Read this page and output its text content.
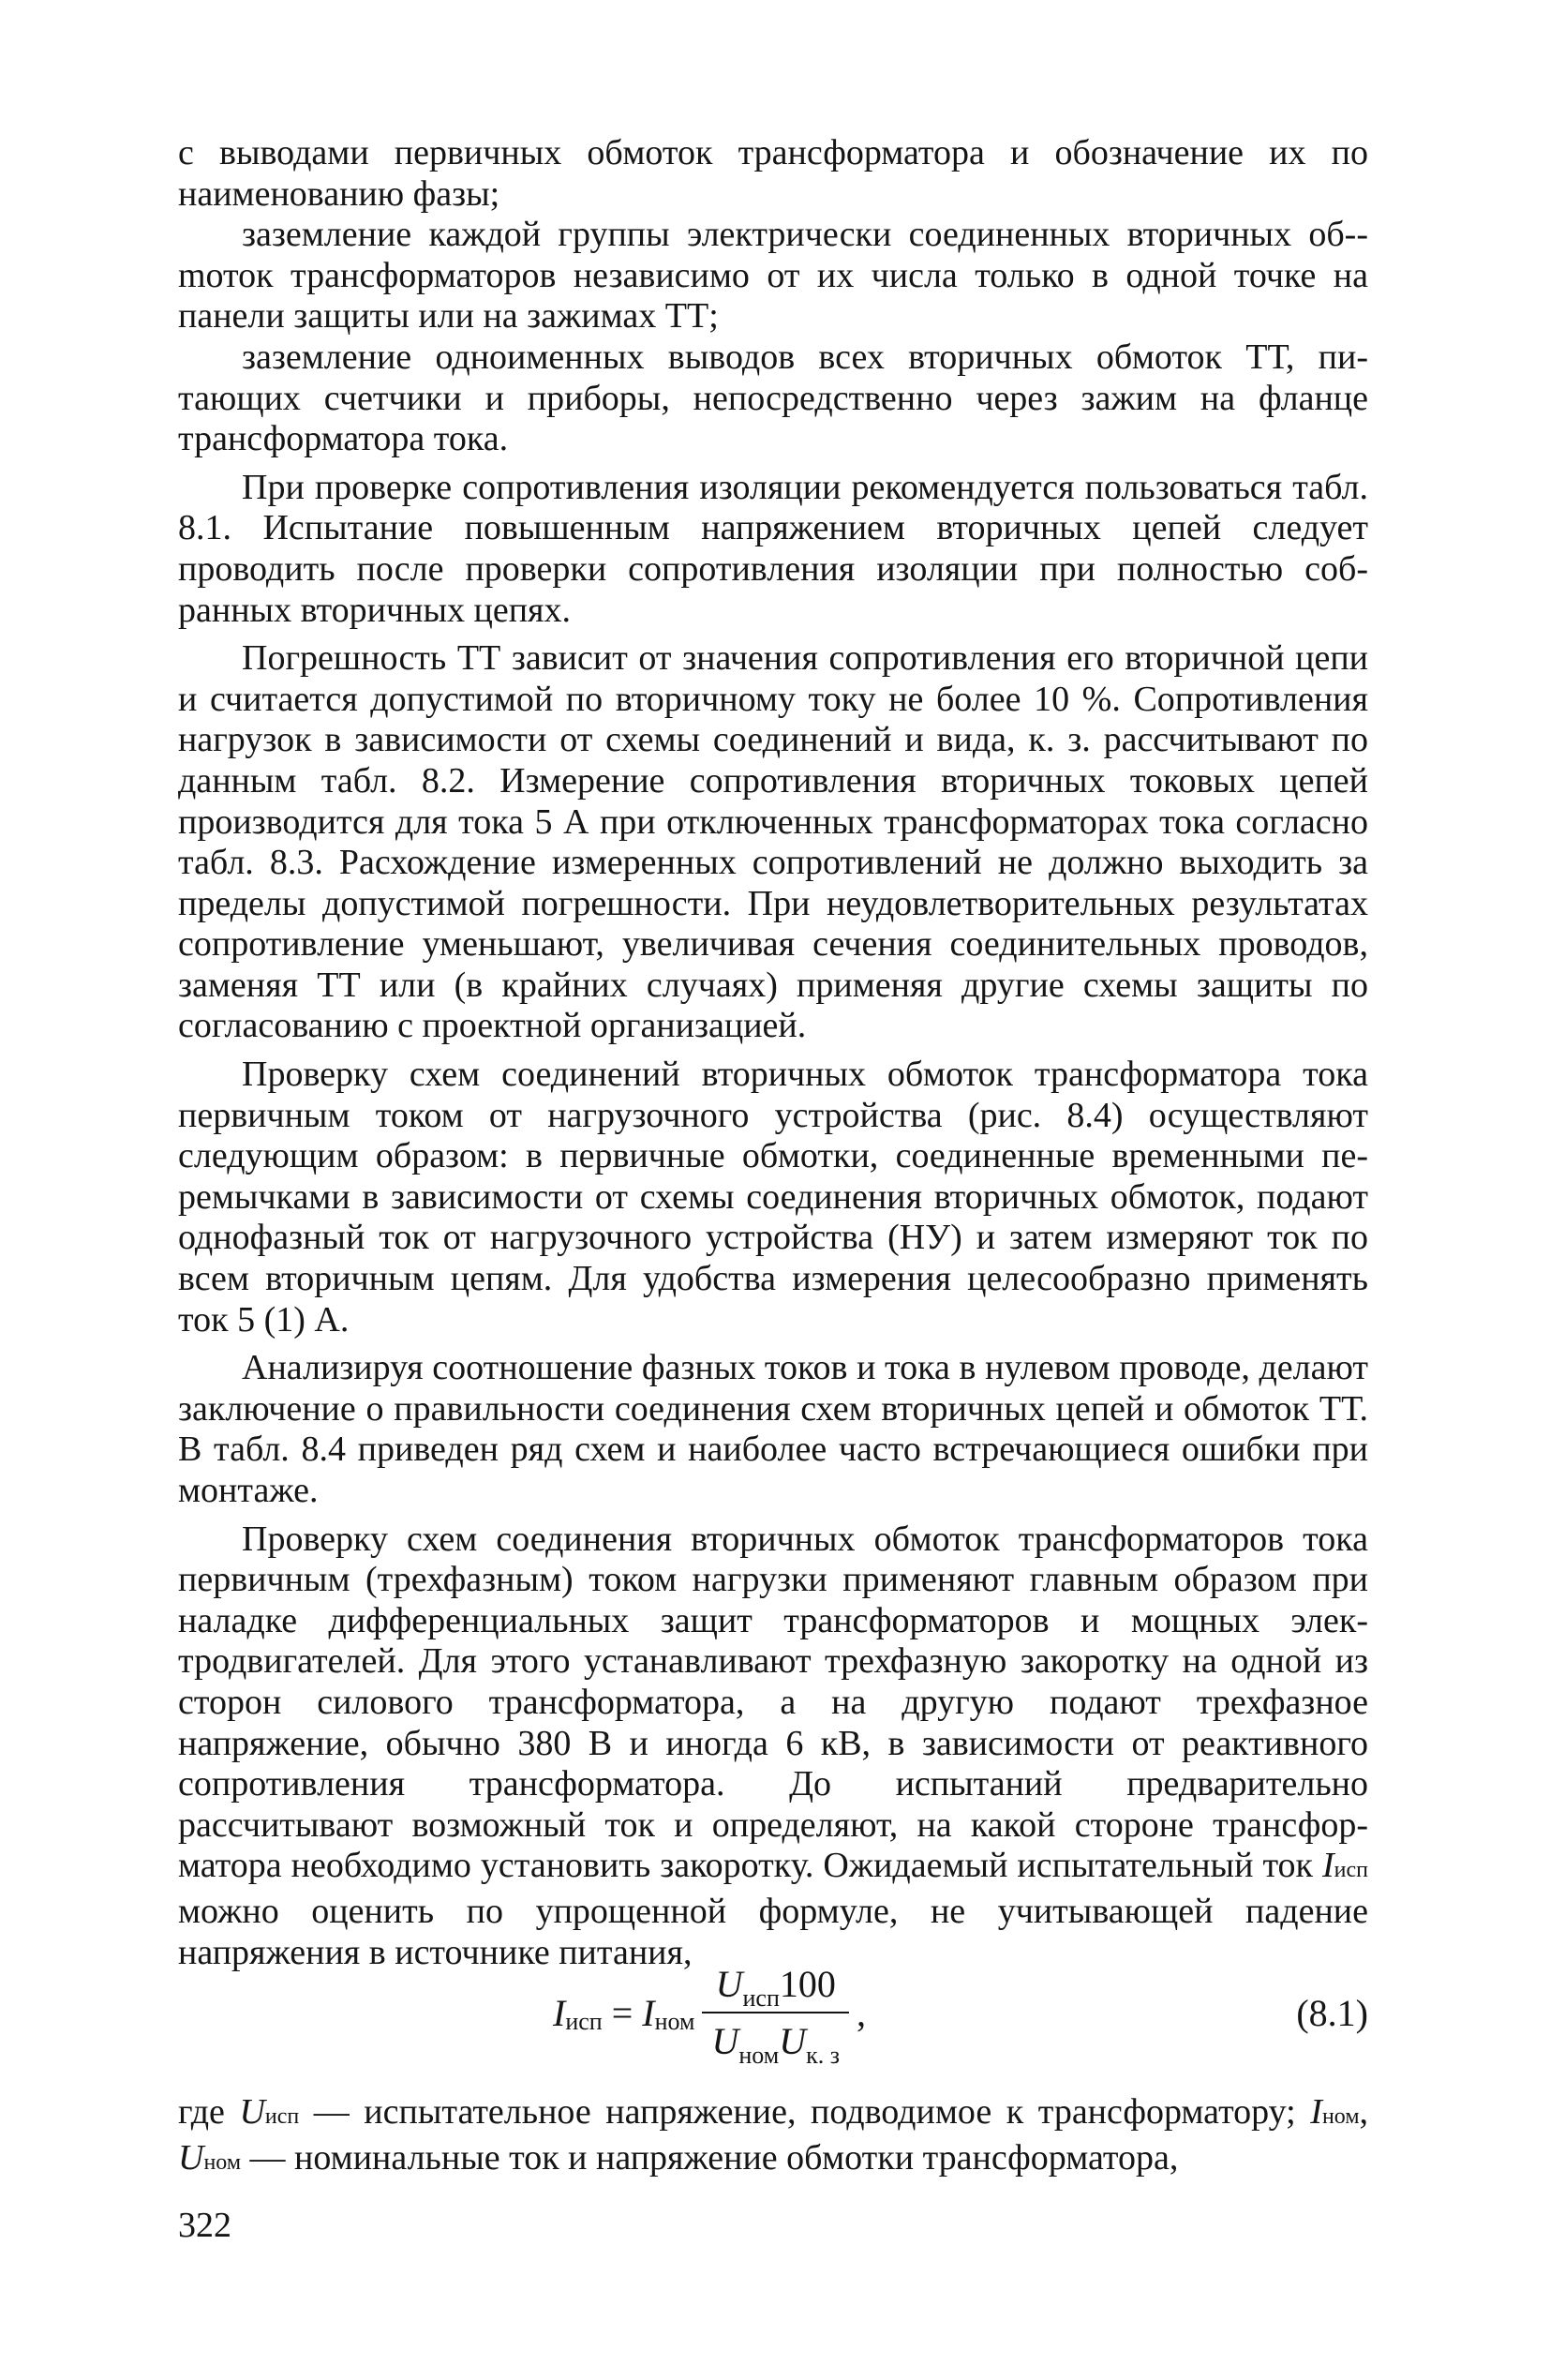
с выводами первичных обмоток трансформатора и обозначение их по наименованию фазы;

заземление каждой группы электрически соединенных вторичных об-mоток трансформаторов независимо от их числа только в одной точке на панели защиты или на зажимах ТТ;

заземление одноименных выводов всех вторичных обмоток ТТ, питающих счетчики и приборы, непосредственно через зажим на фланце трансформатора тока.

При проверке сопротивления изоляции рекомендуется пользоваться табл. 8.1. Испытание повышенным напряжением вторичных цепей следует проводить после проверки сопротивления изоляции при полностью собранных вторичных цепях.

Погрешность ТТ зависит от значения сопротивления его вторичной цепи и считается допустимой по вторичному току не более 10 %. Сопротивления нагрузок в зависимости от схемы соединений и вида, к. з. рассчитывают по данным табл. 8.2. Измерение сопротивления вторичных токовых цепей производится для тока 5 А при отключенных трансформаторах тока согласно табл. 8.3. Расхождение измеренных сопротивлений не должно выходить за пределы допустимой погрешности. При неудовлетворительных результатах сопротивление уменьшают, увеличивая сечения соединительных проводов, заменяя ТТ или (в крайних случаях) применяя другие схемы защиты по согласованию с проектной организацией.

Проверку схем соединений вторичных обмоток трансформатора тока первичным током от нагрузочного устройства (рис. 8.4) осуществляют следующим образом: в первичные обмотки, соединенные временными перемычками в зависимости от схемы соединения вторичных обмоток, подают однофазный ток от нагрузочного устройства (НУ) и затем измеряют ток по всем вторичным цепям. Для удобства измерения целесообразно применять ток 5 (1) А.

Анализируя соотношение фазных токов и тока в нулевом проводе, делают заключение о правильности соединения схем вторичных цепей и обмоток ТТ. В табл. 8.4 приведен ряд схем и наиболее часто встречающиеся ошибки при монтаже.

Проверку схем соединения вторичных обмоток трансформаторов тока первичным (трехфазным) током нагрузки применяют главным образом при наладке дифференциальных защит трансформаторов и мощных электродвигателей. Для этого устанавливают трехфазную закоротку на одной из сторон силового трансформатора, а на другую подают трехфазное напряжение, обычно 380 В и иногда 6 кВ, в зависимости от реактивного сопротивления трансформатора. До испытаний предварительно рассчитывают возможный ток и определяют, на какой стороне трансформатора необходимо установить закоротку. Ожидаемый испытательный ток Iисп можно оценить по упрощенной формуле, не учитывающей падение напряжения в источнике питания,

I исп = I ном $\frac{U_{исп}100}{U_{ном}U_{к. з}}$ ,	(8.1)
где Uисп — испытательное напряжение, подводимое к трансформатору; Iном, Uном — номинальные ток и напряжение обмотки трансформатора,
322
